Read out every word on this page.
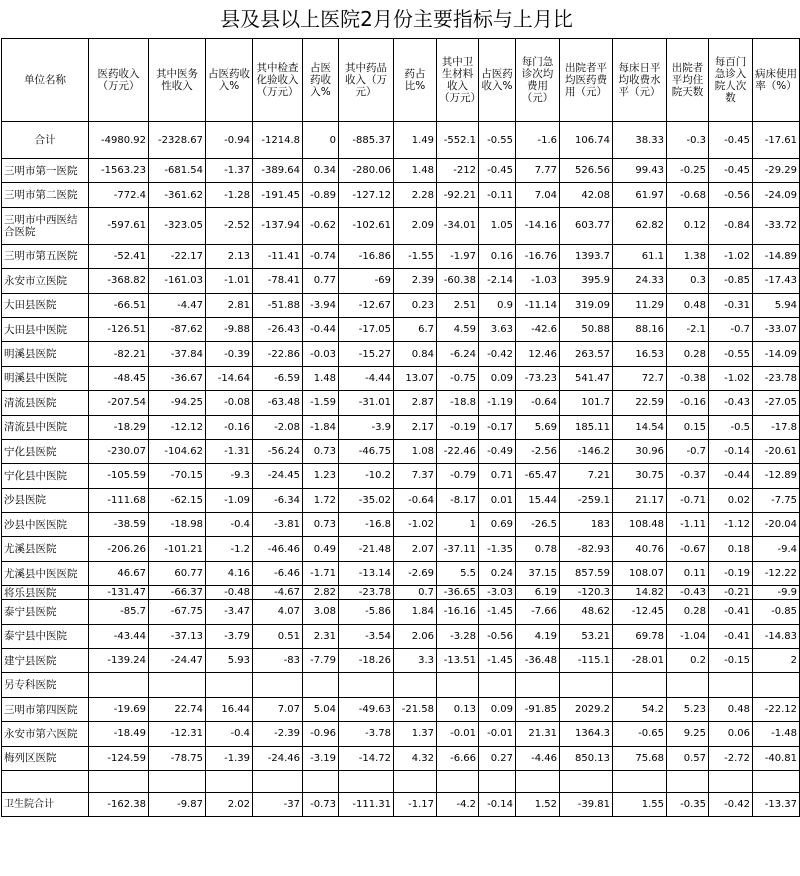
县及县以上医院2月份主要指标与上月比
单位名称	医药收入（万元）	其中医务性收入	占医药收入%	其中检查化验收入（万元）	占医药收入%	其中药品收入（万元）	药占比%	其中卫生材料收入（万元）	占医药收入%	每门急诊次均费用（元）	出院者平均医药费用（元）	每床日平均收费水平（元）	出院者平均住院天数	每百门急诊入院人次数	病床使用率（%）
合计	-4980.92	-2328.67	-0.94	-1214.8	0	-885.37	1.49	-552.1	-0.55	-1.6	106.74	38.33	-0.3	-0.45	-17.61
三明市第一医院	-1563.23	-681.54	-1.37	-389.64	0.34	-280.06	1.48	-212	-0.45	7.77	526.56	99.43	-0.25	-0.45	-29.29
三明市第二医院	-772.4	-361.62	-1.28	-191.45	-0.89	-127.12	2.28	-92.21	-0.11	7.04	42.08	61.97	-0.68	-0.56	-24.09
三明市中西医结合医院	-597.61	-323.05	-2.52	-137.94	-0.62	-102.61	2.09	-34.01	1.05	-14.16	603.77	62.82	0.12	-0.84	-33.72
三明市第五医院	-52.41	-22.17	2.13	-11.41	-0.74	-16.86	-1.55	-1.97	0.16	-16.76	1393.7	61.1	1.38	-1.02	-14.89
永安市立医院	-368.82	-161.03	-1.01	-78.41	0.77	-69	2.39	-60.38	-2.14	-1.03	395.9	24.33	0.3	-0.85	-17.43
大田县医院	-66.51	-4.47	2.81	-51.88	-3.94	-12.67	0.23	2.51	0.9	-11.14	319.09	11.29	0.48	-0.31	5.94
大田县中医院	-126.51	-87.62	-9.88	-26.43	-0.44	-17.05	6.7	4.59	3.63	-42.6	50.88	88.16	-2.1	-0.7	-33.07
明溪县医院	-82.21	-37.84	-0.39	-22.86	-0.03	-15.27	0.84	-6.24	-0.42	12.46	263.57	16.53	0.28	-0.55	-14.09
明溪县中医院	-48.45	-36.67	-14.64	-6.59	1.48	-4.44	13.07	-0.75	0.09	-73.23	541.47	72.7	-0.38	-1.02	-23.78
清流县医院	-207.54	-94.25	-0.08	-63.48	-1.59	-31.01	2.87	-18.8	-1.19	-0.64	101.7	22.59	-0.16	-0.43	-27.05
清流县中医院	-18.29	-12.12	-0.16	-2.08	-1.84	-3.9	2.17	-0.19	-0.17	5.69	185.11	14.54	0.15	-0.5	-17.8
宁化县医院	-230.07	-104.62	-1.31	-56.24	0.73	-46.75	1.08	-22.46	-0.49	-2.56	-146.2	30.96	-0.7	-0.14	-20.61
宁化县中医院	-105.59	-70.15	-9.3	-24.45	1.23	-10.2	7.37	-0.79	0.71	-65.47	7.21	30.75	-0.37	-0.44	-12.89
沙县医院	-111.68	-62.15	-1.09	-6.34	1.72	-35.02	-0.64	-8.17	0.01	15.44	-259.1	21.17	-0.71	0.02	-7.75
沙县中医医院	-38.59	-18.98	-0.4	-3.81	0.73	-16.8	-1.02	1	0.69	-26.5	183	108.48	-1.11	-1.12	-20.04
尤溪县医院	-206.26	-101.21	-1.2	-46.46	0.49	-21.48	2.07	-37.11	-1.35	0.78	-82.93	40.76	-0.67	0.18	-9.4
尤溪县中医医院	46.67	60.77	4.16	-6.46	-1.71	-13.14	-2.69	5.5	0.24	37.15	857.59	108.07	0.11	-0.19	-12.22
将乐县医院	-131.47	-66.37	-0.48	-4.67	2.82	-23.78	0.7	-36.65	-3.03	6.19	-120.3	14.82	-0.43	-0.21	-9.9
泰宁县医院	-85.7	-67.75	-3.47	4.07	3.08	-5.86	1.84	-16.16	-1.45	-7.66	48.62	-12.45	0.28	-0.41	-0.85
泰宁县中医院	-43.44	-37.13	-3.79	0.51	2.31	-3.54	2.06	-3.28	-0.56	4.19	53.21	69.78	-1.04	-0.41	-14.83
建宁县医院	-139.24	-24.47	5.93	-83	-7.79	-18.26	3.3	-13.51	-1.45	-36.48	-115.1	-28.01	0.2	-0.15	2
另专科医院															
三明市第四医院	-19.69	22.74	16.44	7.07	5.04	-49.63	-21.58	0.13	0.09	-91.85	2029.2	54.2	5.23	0.48	-22.12
永安市第六医院	-18.49	-12.31	-0.4	-2.39	-0.96	-3.78	1.37	-0.01	-0.01	21.31	1364.3	-0.65	9.25	0.06	-1.48
梅列区医院	-124.59	-78.75	-1.39	-24.46	-3.19	-14.72	4.32	-6.66	0.27	-4.46	850.13	75.68	0.57	-2.72	-40.81

卫生院合计	-162.38	-9.87	2.02	-37	-0.73	-111.31	-1.17	-4.2	-0.14	1.52	-39.81	1.55	-0.35	-0.42	-13.37
